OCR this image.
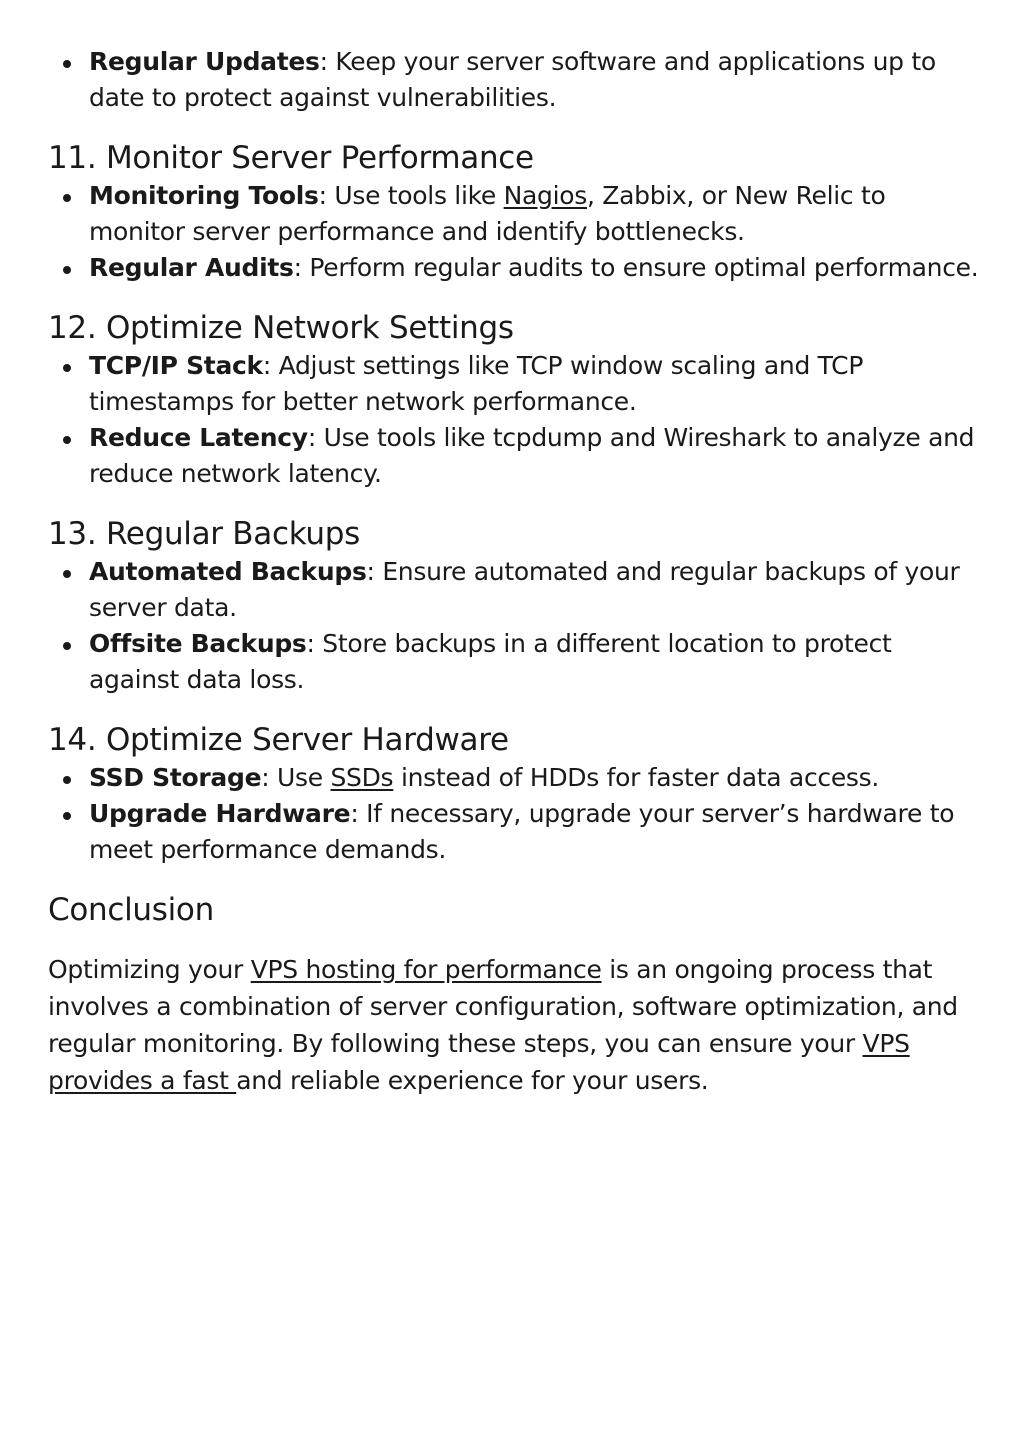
Regular Updates: Keep your server software and applications up to date to protect against vulnerabilities.
11. Monitor Server Performance
Monitoring Tools: Use tools like Nagios, Zabbix, or New Relic to monitor server performance and identify bottlenecks.
Regular Audits: Perform regular audits to ensure optimal performance.
12. Optimize Network Settings
TCP/IP Stack: Adjust settings like TCP window scaling and TCP timestamps for better network performance.
Reduce Latency: Use tools like tcpdump and Wireshark to analyze and reduce network latency.
13. Regular Backups
Automated Backups: Ensure automated and regular backups of your server data.
Offsite Backups: Store backups in a different location to protect against data loss.
14. Optimize Server Hardware
SSD Storage: Use SSDs instead of HDDs for faster data access.
Upgrade Hardware: If necessary, upgrade your server’s hardware to meet performance demands.
Conclusion

Optimizing your VPS hosting for performance is an ongoing process that involves a combination of server configuration, software optimization, and regular monitoring. By following these steps, you can ensure your VPS provides a fast and reliable experience for your users.
